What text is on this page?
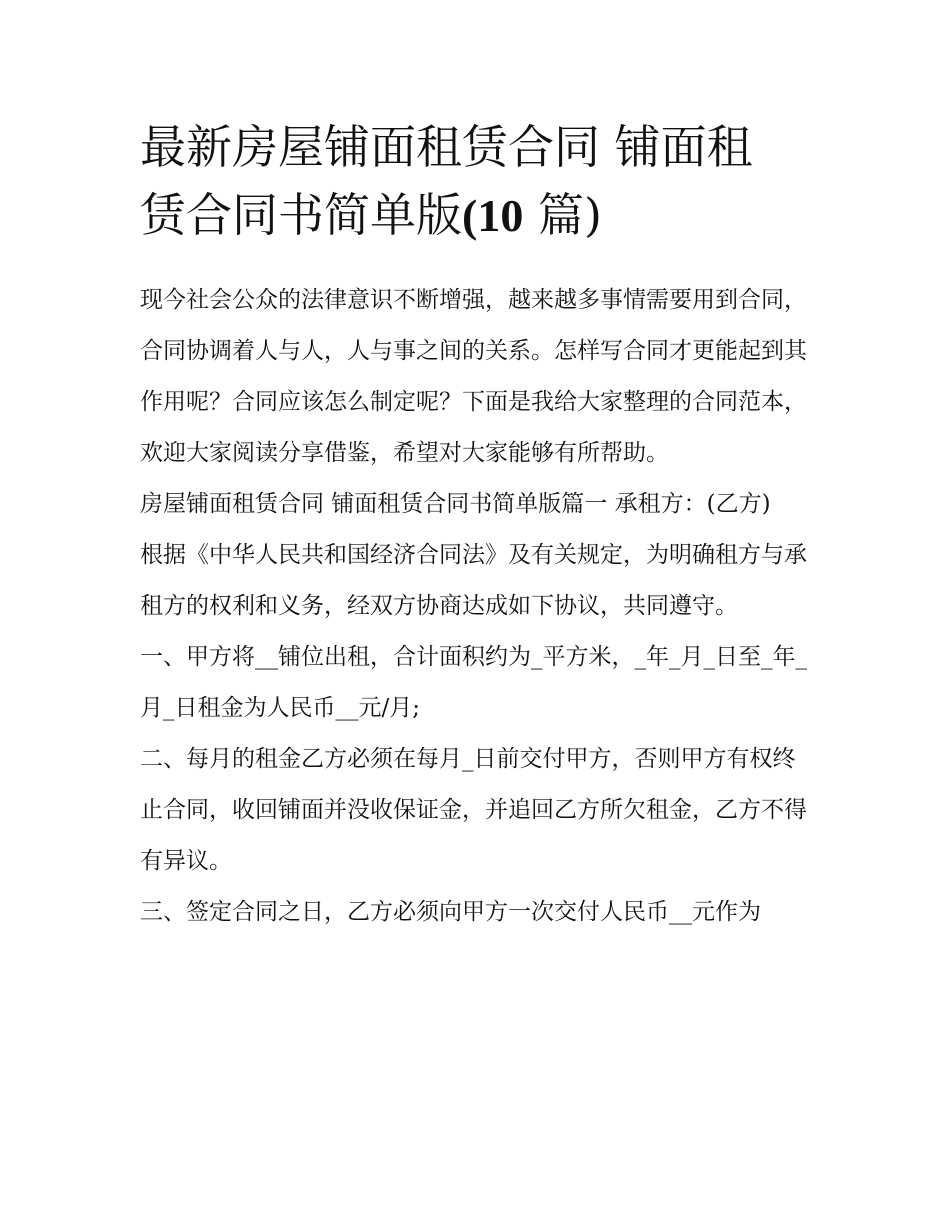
最新房屋铺面租赁合同 铺面租
赁合同书简单版(10 篇)

现今社会公众的法律意识不断增强，越来越多事情需要用到合同，合同协调着人与人，人与事之间的关系。怎样写合同才更能起到其作用呢？合同应该怎么制定呢？下面是我给大家整理的合同范本，欢迎大家阅读分享借鉴，希望对大家能够有所帮助。

房屋铺面租赁合同 铺面租赁合同书简单版篇一 承租方：(乙方)

根据《中华人民共和国经济合同法》及有关规定，为明确租方与承租方的权利和义务，经双方协商达成如下协议，共同遵守。

一、甲方将__铺位出租，合计面积约为_平方米，_年_月_日至_年_月_日租金为人民币__元/月;

二、每月的租金乙方必须在每月_日前交付甲方，否则甲方有权终止合同，收回铺面并没收保证金，并追回乙方所欠租金，乙方不得有异议。

三、签定合同之日，乙方必须向甲方一次交付人民币__元作为
